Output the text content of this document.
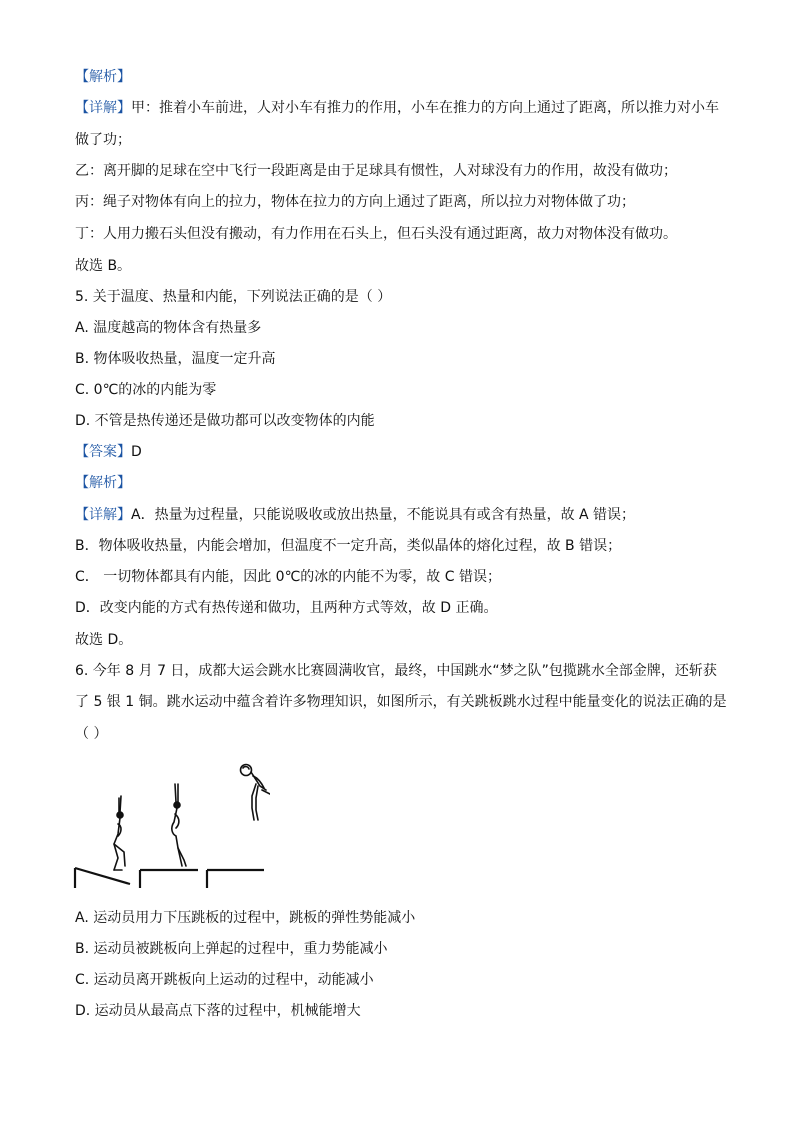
【解析】
【详解】甲：推着小车前进，人对小车有推力的作用，小车在推力的方向上通过了距离，所以推力对小车
做了功；
乙：离开脚的足球在空中飞行一段距离是由于足球具有惯性，人对球没有力的作用，故没有做功；
丙：绳子对物体有向上的拉力，物体在拉力的方向上通过了距离，所以拉力对物体做了功；
丁：人用力搬石头但没有搬动，有力作用在石头上，但石头没有通过距离，故力对物体没有做功。
故选 B。
5. 关于温度、热量和内能，下列说法正确的是（ ）
A. 温度越高的物体含有热量多
B. 物体吸收热量，温度一定升高
C. 0℃的冰的内能为零
D. 不管是热传递还是做功都可以改变物体的内能
【答案】D
【解析】
【详解】A．热量为过程量，只能说吸收或放出热量，不能说具有或含有热量，故 A 错误；
B．物体吸收热量，内能会增加，但温度不一定升高，类似晶体的熔化过程，故 B 错误；
C． 一切物体都具有内能，因此 0℃的冰的内能不为零，故 C 错误；
D．改变内能的方式有热传递和做功，且两种方式等效，故 D 正确。
故选 D。
6. 今年 8 月 7 日，成都大运会跳水比赛圆满收官，最终，中国跳水“梦之队”包揽跳水全部金牌，还斩获
了 5 银 1 铜。跳水运动中蕴含着许多物理知识，如图所示，有关跳板跳水过程中能量变化的说法正确的是
（ ）
A. 运动员用力下压跳板的过程中，跳板的弹性势能减小
B. 运动员被跳板向上弹起的过程中，重力势能减小
C. 运动员离开跳板向上运动的过程中，动能减小
D. 运动员从最高点下落的过程中，机械能增大
